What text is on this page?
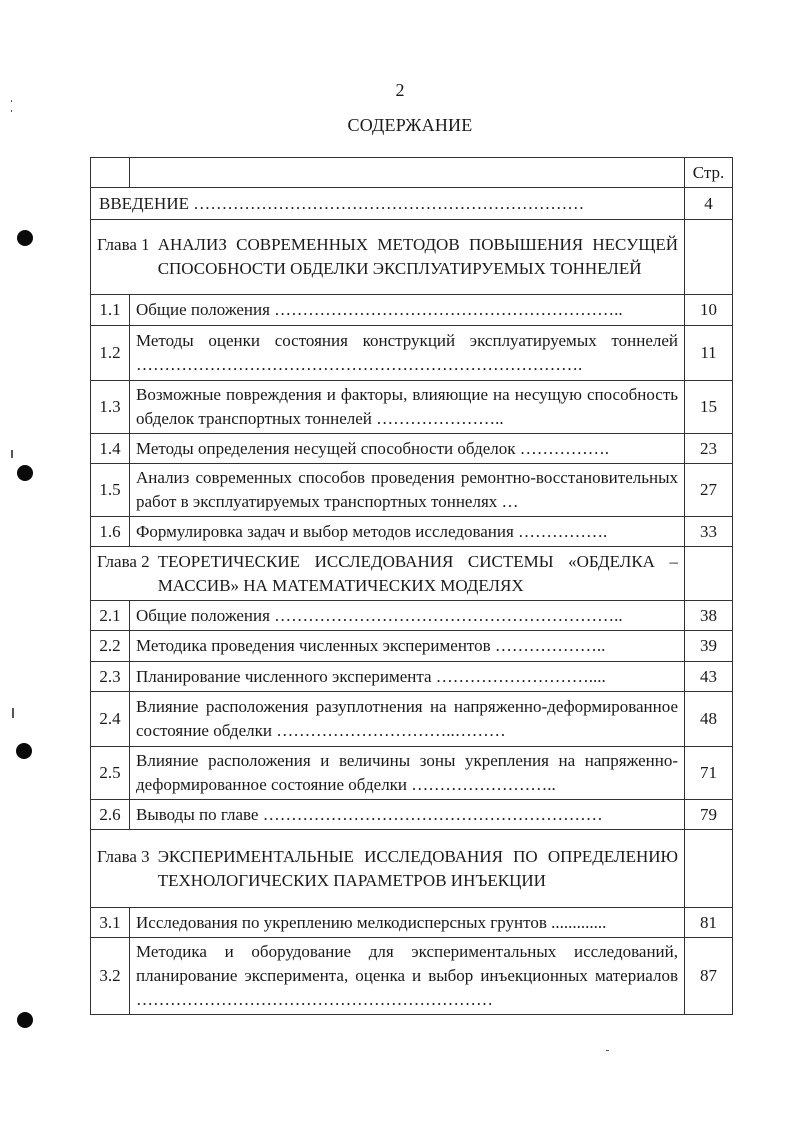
2
СОДЕРЖАНИЕ
		Стр.
ВВЕДЕНИЕ ……………………………………………………………		4

Глава 1 АНАЛИЗ СОВРЕМЕННЫХ МЕТОДОВ ПОВЫШЕНИЯ НЕСУЩЕЙ СПОСОБНОСТИ ОБДЕЛКИ ЭКСПЛУАТИРУЕМЫХ ТОННЕЛЕЙ		

1.1	Общие положения ……………………………………………………..	10
1.2	Методы оценки состояния конструкций эксплуатируемых тоннелей …………………………………………………………………….	11
1.3	Возможные повреждения и факторы, влияющие на несущую способность обделок транспортных тоннелей …………………..	15
1.4	Методы определения несущей способности обделок …………….	23
1.5	Анализ современных способов проведения ремонтно-восстановительных работ в эксплуатируемых транспортных тоннелях …	27
1.6	Формулировка задач и выбор методов исследования …………….	33

Глава 2 ТЕОРЕТИЧЕСКИЕ ИССЛЕДОВАНИЯ СИСТЕМЫ «ОБДЕЛКА – МАССИВ» НА МАТЕМАТИЧЕСКИХ МОДЕЛЯХ		

2.1	Общие положения ……………………………………………………..	38
2.2	Методика проведения численных экспериментов ………………..	39
2.3	Планирование численного эксперимента ………………………....	43
2.4	Влияние расположения разуплотнения на напряженно-деформированное состояние обделки …………………………..………	48
2.5	Влияние расположения и величины зоны укрепления на напряженно-деформированное состояние обделки ……………………..	71
2.6	Выводы по главе ……………………………………………………	79

Глава 3 ЭКСПЕРИМЕНТАЛЬНЫЕ ИССЛЕДОВАНИЯ ПО ОПРЕДЕЛЕНИЮ ТЕХНОЛОГИЧЕСКИХ ПАРАМЕТРОВ ИНЪЕКЦИИ		

3.1	Исследования по укреплению мелкодисперсных грунтов .............	81
3.2	Методика и оборудование для экспериментальных исследований, планирование эксперимента, оценка и выбор инъекционных материалов ………………………………………………………	87
